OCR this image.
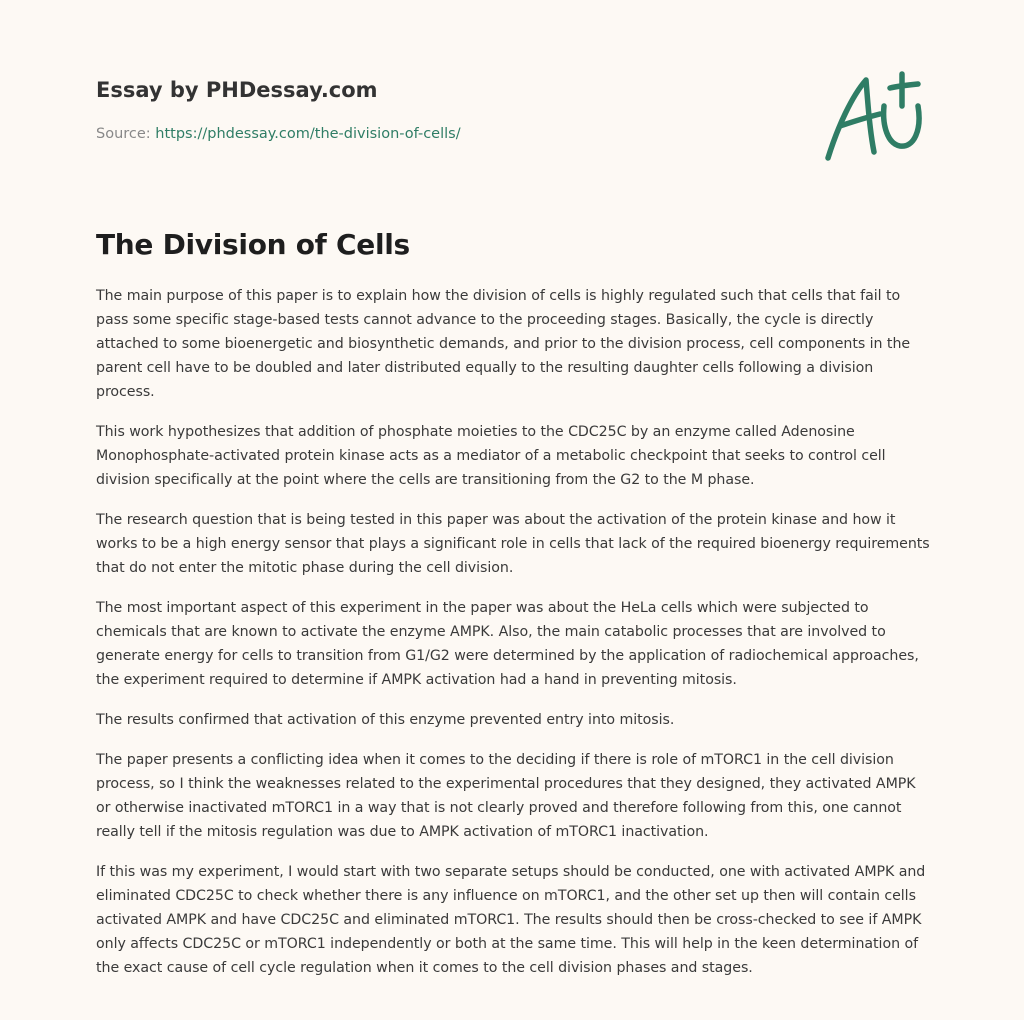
Essay by PHDessay.com
Source: https://phdessay.com/the-division-of-cells/
The Division of Cells

The main purpose of this paper is to explain how the division of cells is highly regulated such that cells that fail to pass some specific stage-based tests cannot advance to the proceeding stages. Basically, the cycle is directly attached to some bioenergetic and biosynthetic demands, and prior to the division process, cell components in the parent cell have to be doubled and later distributed equally to the resulting daughter cells following a division process.

This work hypothesizes that addition of phosphate moieties to the CDC25C by an enzyme called Adenosine Monophosphate-activated protein kinase acts as a mediator of a metabolic checkpoint that seeks to control cell division specifically at the point where the cells are transitioning from the G2 to the M phase.

The research question that is being tested in this paper was about the activation of the protein kinase and how it works to be a high energy sensor that plays a significant role in cells that lack of the required bioenergy requirements that do not enter the mitotic phase during the cell division.

The most important aspect of this experiment in the paper was about the HeLa cells which were subjected to chemicals that are known to activate the enzyme AMPK. Also, the main catabolic processes that are involved to generate energy for cells to transition from G1/G2 were determined by the application of radiochemical approaches, the experiment required to determine if AMPK activation had a hand in preventing mitosis.

The results confirmed that activation of this enzyme prevented entry into mitosis.

The paper presents a conflicting idea when it comes to the deciding if there is role of mTORC1 in the cell division process, so I think the weaknesses related to the experimental procedures that they designed, they activated AMPK or otherwise inactivated mTORC1 in a way that is not clearly proved and therefore following from this, one cannot really tell if the mitosis regulation was due to AMPK activation of mTORC1 inactivation.

If this was my experiment, I would start with two separate setups should be conducted, one with activated AMPK and eliminated CDC25C to check whether there is any influence on mTORC1, and the other set up then will contain cells activated AMPK and have CDC25C and eliminated mTORC1. The results should then be cross-checked to see if AMPK only affects CDC25C or mTORC1 independently or both at the same time. This will help in the keen determination of the exact cause of cell cycle regulation when it comes to the cell division phases and stages.
